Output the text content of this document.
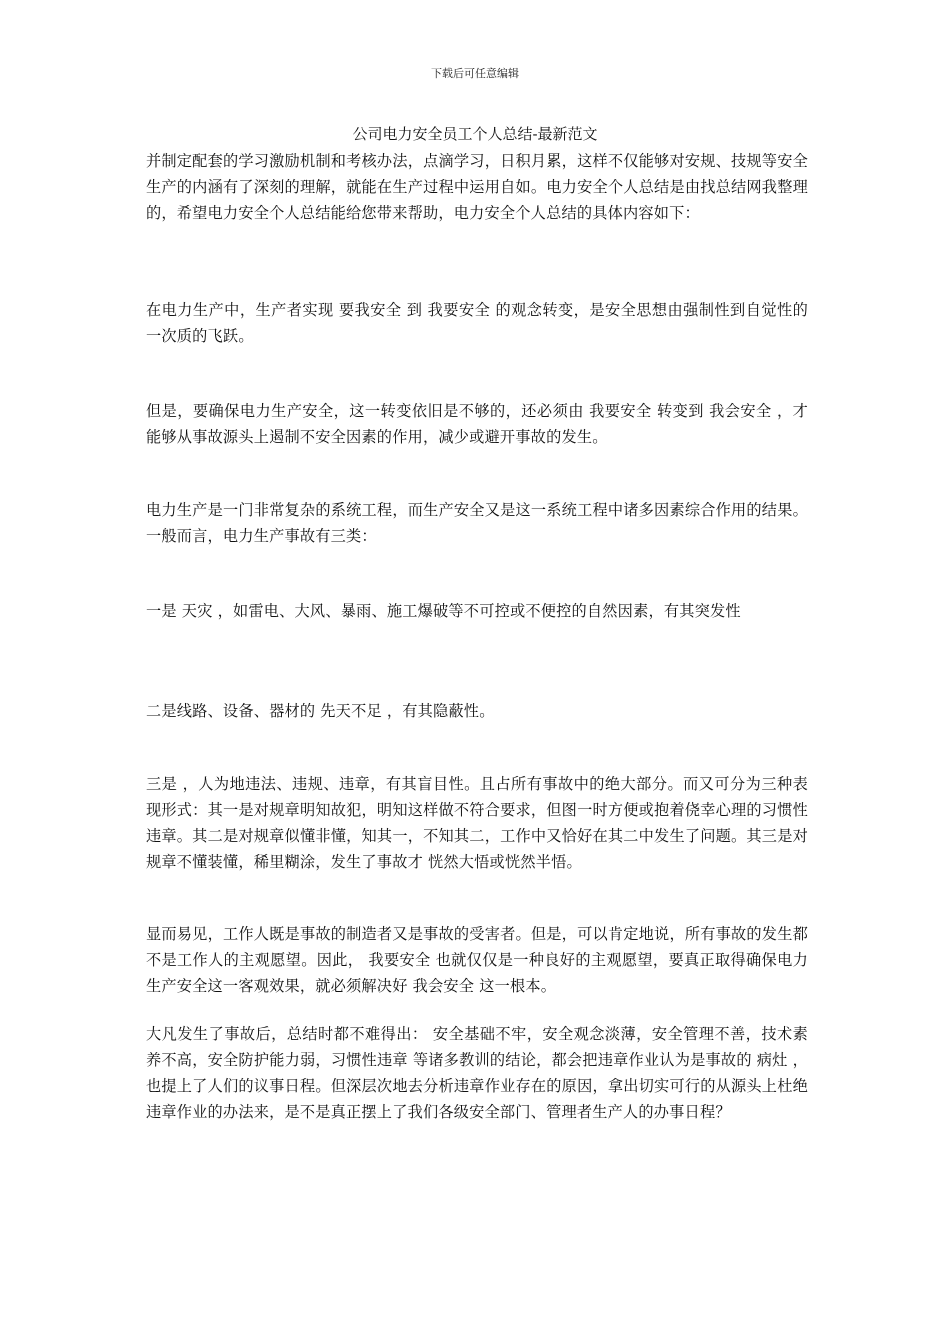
下载后可任意编辑
公司电力安全员工个人总结-最新范文

并制定配套的学习激励机制和考核办法，点滴学习，日积月累，这样不仅能够对安规、技规等安全生产的内涵有了深刻的理解，就能在生产过程中运用自如。电力安全个人总结是由找总结网我整理的，希望电力安全个人总结能给您带来帮助，电力安全个人总结的具体内容如下：

在电力生产中，生产者实现 要我安全 到 我要安全 的观念转变，是安全思想由强制性到自觉性的一次质的飞跃。

但是，要确保电力生产安全，这一转变依旧是不够的，还必须由 我要安全 转变到 我会安全 ，才能够从事故源头上遏制不安全因素的作用，减少或避开事故的发生。

电力生产是一门非常复杂的系统工程，而生产安全又是这一系统工程中诸多因素综合作用的结果。一般而言，电力生产事故有三类：

一是 天灾 ，如雷电、大风、暴雨、施工爆破等不可控或不便控的自然因素，有其突发性

二是线路、设备、器材的 先天不足 ，有其隐蔽性。

三是 ，人为地违法、违规、违章，有其盲目性。且占所有事故中的绝大部分。而又可分为三种表现形式：其一是对规章明知故犯，明知这样做不符合要求，但图一时方便或抱着侥幸心理的习惯性违章。其二是对规章似懂非懂，知其一，不知其二，工作中又恰好在其二中发生了问题。其三是对规章不懂装懂，稀里糊涂，发生了事故才 恍然大悟或恍然半悟。

显而易见，工作人既是事故的制造者又是事故的受害者。但是，可以肯定地说，所有事故的发生都不是工作人的主观愿望。因此， 我要安全 也就仅仅是一种良好的主观愿望，要真正取得确保电力生产安全这一客观效果，就必须解决好 我会安全 这一根本。

大凡发生了事故后，总结时都不难得出： 安全基础不牢，安全观念淡薄，安全管理不善，技术素养不高，安全防护能力弱，习惯性违章 等诸多教训的结论，都会把违章作业认为是事故的 病灶 ，也提上了人们的议事日程。但深层次地去分析违章作业存在的原因，拿出切实可行的从源头上杜绝违章作业的办法来，是不是真正摆上了我们各级安全部门、管理者生产人的办事日程？
